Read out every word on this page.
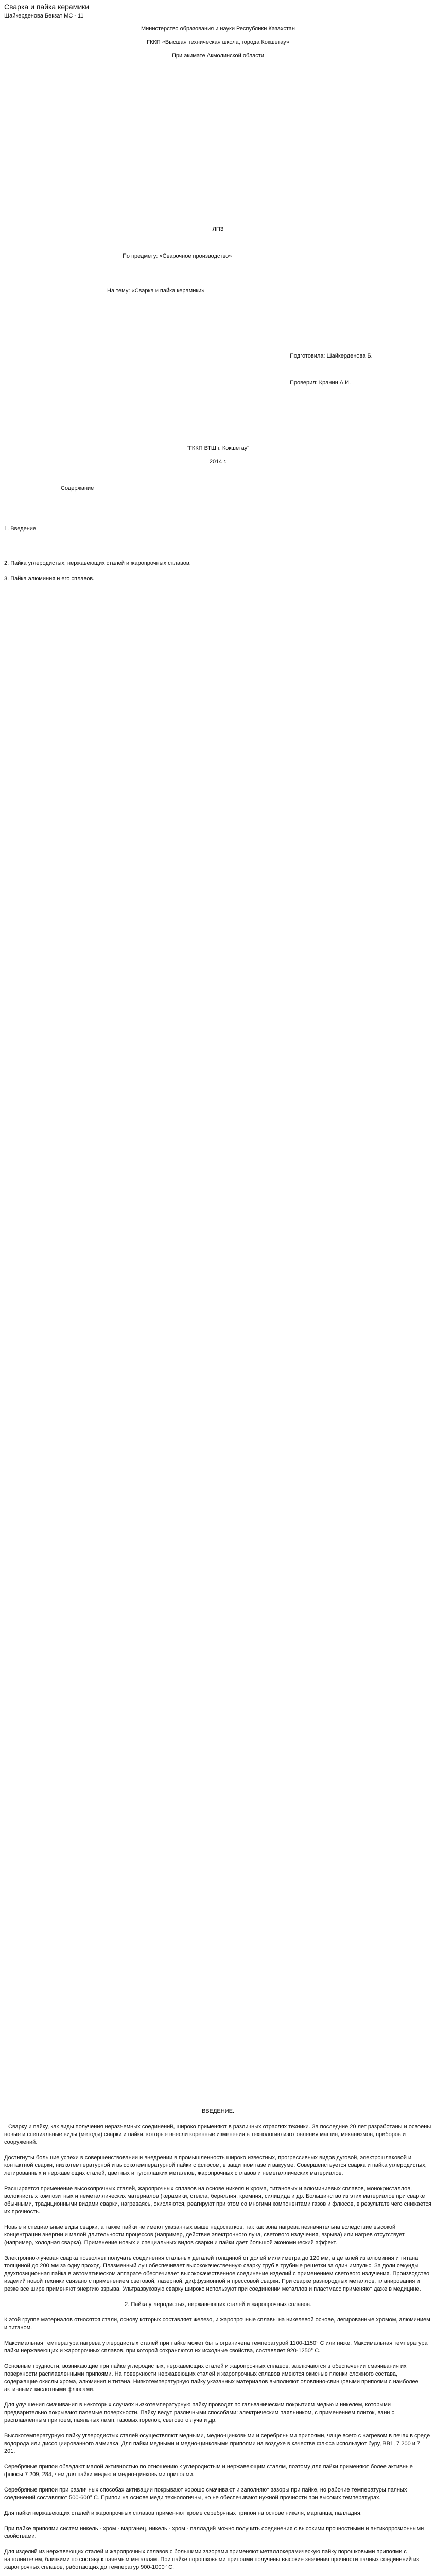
Сварка и пайка керамики

Шайкерденова Бекзат МС - 11

Министерство образования и науки Республики Казахстан

ГККП «Высшая техническая школа, города Кокшетау»

При акимате Акмолинской области

ЛПЗ

По предмету: «Сварочное производство»

На тему: «Сварка и пайка керамики»

Подготовила: Шайкерденова Б.

Проверил: Кранин А.И.

"ГККП ВТШ г. Кокшетау"

2014 г.

Содержание

1. Введение

2. Пайка углеродистых, нержавеющих сталей и жаропрочных сплавов.

3. Пайка алюминия и его сплавов.

ВВЕДЕНИЕ.

Сварку и пайку, как виды получения неразъемных соединений, широко применяют в различных отраслях техники. За последние 20 лет разработаны и освоены новые и специальные виды (методы) сварки и пайки, которые внесли коренные изменения в технологию изготовления машин, механизмов, приборов и сооружений.

Достигнуты большие успехи в совершенствовании и внедрении в промышленность широко известных, прогрессивных видов дуговой, электрошлаковой и контактной сварки, низкотемпературной и высокотемпературной пайки с флюсом, в защитном газе и вакууме. Совершенствуется сварка и пайка углеродистых, легированных и нержавеющих сталей, цветных и тугоплавких металлов, жаропрочных сплавов и неметаллических материалов.

Расширяется применение высокопрочных сталей, жаропрочных сплавов на основе никеля и хрома, титановых и алюминиевых сплавов, монокристаллов, волокнистых композитных и неметаллических материалов (керамики, стекла, бериллия, кремния, силицида и др. Большинство из этих материалов при сварке обычными, традиционными видами сварки, нагреваясь, окисляются, реагируют при этом со многими компонентами газов и флюсов, в результате чего снижается их прочность.

Новые и специальные виды сварки, а также пайки не имеют указанных выше недостатков, так как зона нагрева незначительна вследствие высокой концентрации энергии и малой длительности процессов (например, действие электронного луча, светового излучения, взрыва) или нагрев отсутствует (например, холодная сварка). Применение новых и специальных видов сварки и пайки дает большой экономический эффект.

Электронно-лучевая сварка позволяет получать соединения стальных деталей толщиной от долей миллиметра до 120 мм, а деталей из алюминия и титана толщиной до 200 мм за одну проход. Плазменный луч обеспечивает высококачественную сварку труб в трубные решетки за один импульс. За доли секунды двухпозиционная пайка в автоматическом аппарате обеспечивает высококачественное соединение изделий с применением светового излучения. Производство изделий новой техники связано с применением световой, лазерной, диффузионной и прессовой сварки. При сварке разнородных металлов, планирования и резке все шире применяют энергию взрыва. Ультразвуковую сварку широко используют при соединении металлов и пластмасс применяют даже в медицине.

2. Пайка углеродистых, нержавеющих сталей и жаропрочных сплавов.

К этой группе материалов относятся стали, основу которых составляет железо, и жаропрочные сплавы на никелевой основе, легированные хромом, алюминием и титаном.

Максимальная температура нагрева углеродистых сталей при пайке может быть ограничена температурой 1100-1150° С или ниже. Максимальная температура пайки нержавеющих и жаропрочных сплавов, при которой сохраняются их исходные свойства, составляет 920-1250° С.

Основные трудности, возникающие при пайке углеродистых, нержавеющих сталей и жаропрочных сплавов, заключаются в обеспечении смачивания их поверхности расплавленными припоями. На поверхности нержавеющих сталей и жаропрочных сплавов имеются окисные пленки сложного состава, содержащие окислы хрома, алюминия и титана. Низкотемпературную пайку указанных материалов выполняют оловянно-свинцовыми припоями с наиболее активными кислотными флюсами.

Для улучшения смачивания в некоторых случаях низкотемпературную пайку проводят по гальваническим покрытиям медью и никелем, которыми предварительно покрывают паяемые поверхности. Пайку ведут различными способами: электрическим паяльником, с применением плиток, ванн с расплавленным припоем, паяльных ламп, газовых горелок, светового луча и др.

Высокотемпературную пайку углеродистых сталей осуществляют медными, медно-цинковыми и серебряными припоями, чаще всего с нагревом в печах в среде водорода или диссоциированного аммиака. Для пайки медными и медно-цинковыми припоями на воздухе в качестве флюса используют буру, ВВ1, 7 200 и 7 201.

Серебряные припои обладают малой активностью по отношению к углеродистым и нержавеющим сталям, поэтому для пайки применяют более активные флюсы 7 209, 284, чем для пайки медью и медно-цинковыми припоями.

Серебряные припои при различных способах активации покрывают хорошо смачивают и заполняют зазоры при пайке, но рабочие температуры паяных соединений составляют 500-600° С. Припои на основе меди технологичны, но не обеспечивают нужной прочности при высоких температурах.

Для пайки нержавеющих сталей и жаропрочных сплавов применяют кроме серебряных припои на основе никеля, марганца, палладия.

При пайке припоями систем никель - хром - марганец, никель - хром - палладий можно получить соединения с высокими прочностными и антикоррозионными свойствами.

Для изделий из нержавеющих сталей и жаропрочных сплавов с большими зазорами применяют металлокерамическую пайку порошковыми припоями с наполнителем, близкими по составу к паяемым металлам. При пайке порошковыми припоями получены высокие значения прочности паяных соединений из жаропрочных сплавов, работающих до температур 900-1000° С.
